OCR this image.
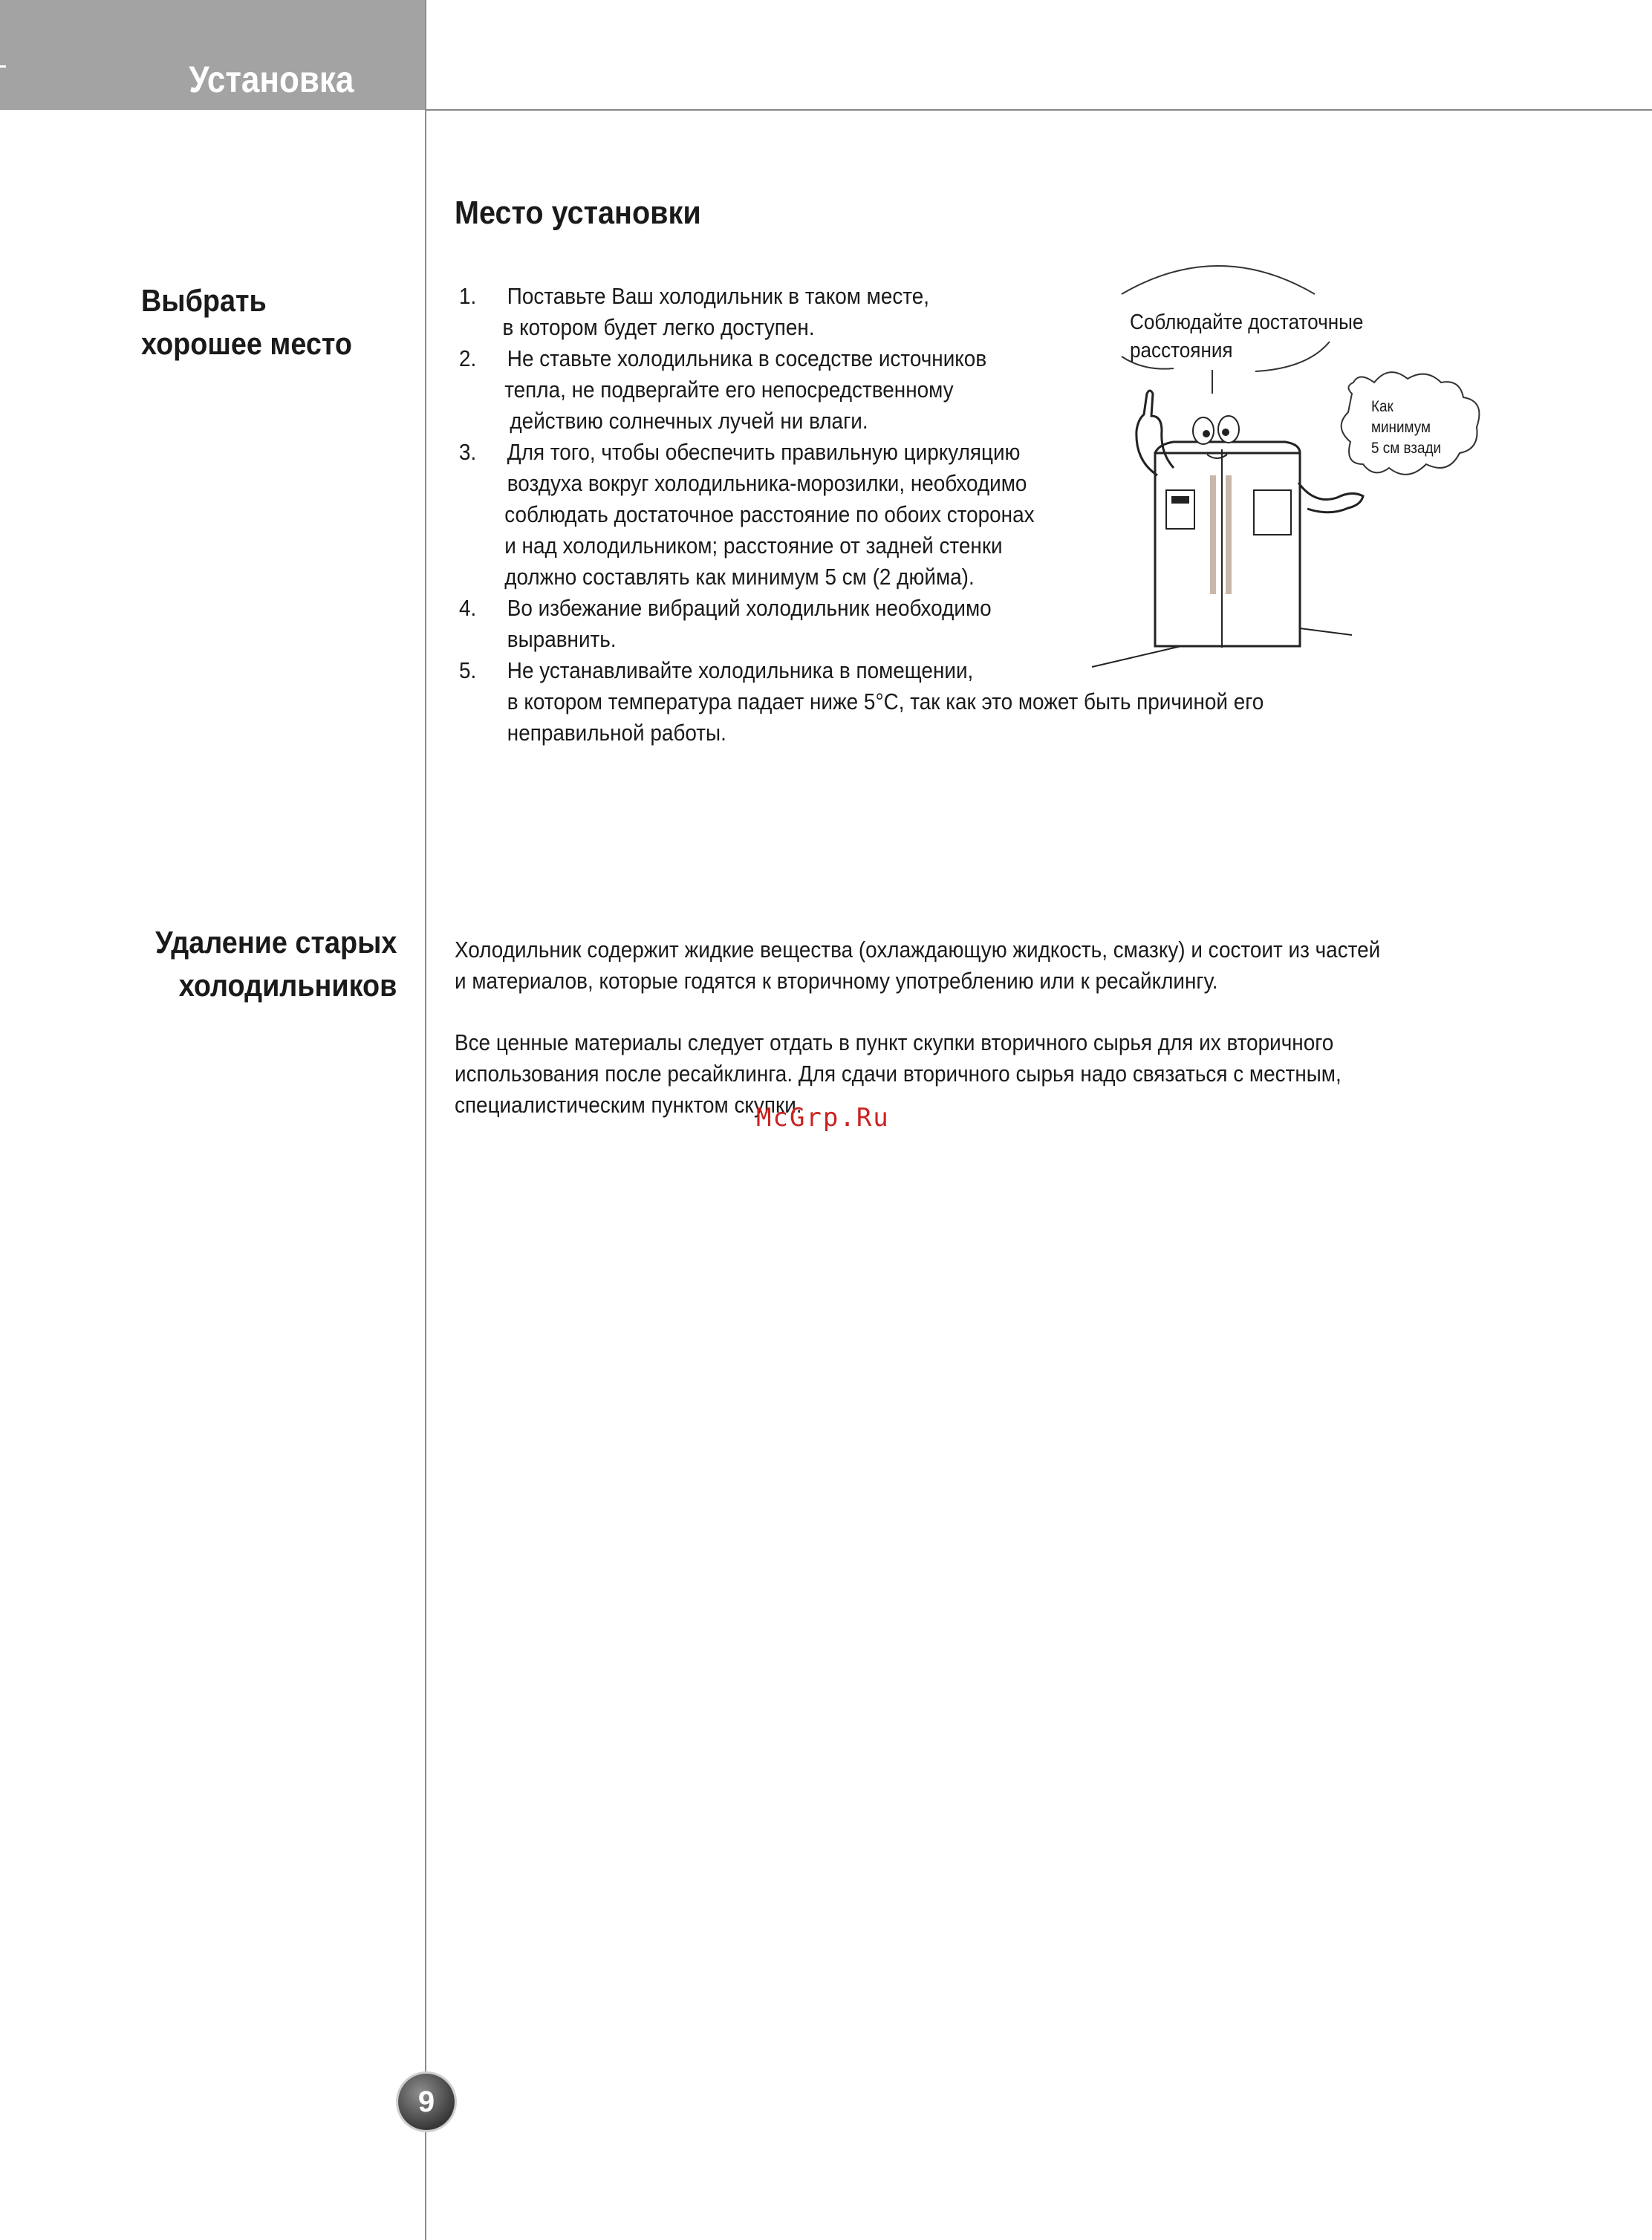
Установка
Выбрать
хорошее место
Место установки
1. Поставьте Ваш холодильник в таком месте,
в котором будет легко доступен.
2. Не ставьте холодильника в соседстве источников
тепла, не подвергайте его непосредственному
действию солнечных лучей ни влаги.
3. Для того, чтобы обеспечить правильную циркуляцию
воздуха вокруг холодильника-морозилки, необходимо
соблюдать достаточное расстояние по обоих сторонах
и над холодильником; расстояние от задней стенки
должно составлять как минимум 5 см (2 дюйма).
4. Во избежание вибраций холодильник необходимо
выравнить.
5. Не устанавливайте холодильника в помещении,
в котором температура падает ниже 5°C, так как это может быть причиной его
неправильной работы.
Соблюдайте достаточные
расстояния
Как
минимум
5 см взади
Удаление старых
холодильников
Холодильник содержит жидкие вещества (охлаждающую жидкость, смазку) и состоит из частей
и материалов, которые годятся к вторичному употреблению или к ресайклингу.
Все ценные материалы следует отдать в пункт скупки вторичного сырья для их вторичного
использования после ресайклинга. Для сдачи вторичного сырья надо связаться с местным,
специалистическим пунктом скупки.
McGrp.Ru
9
